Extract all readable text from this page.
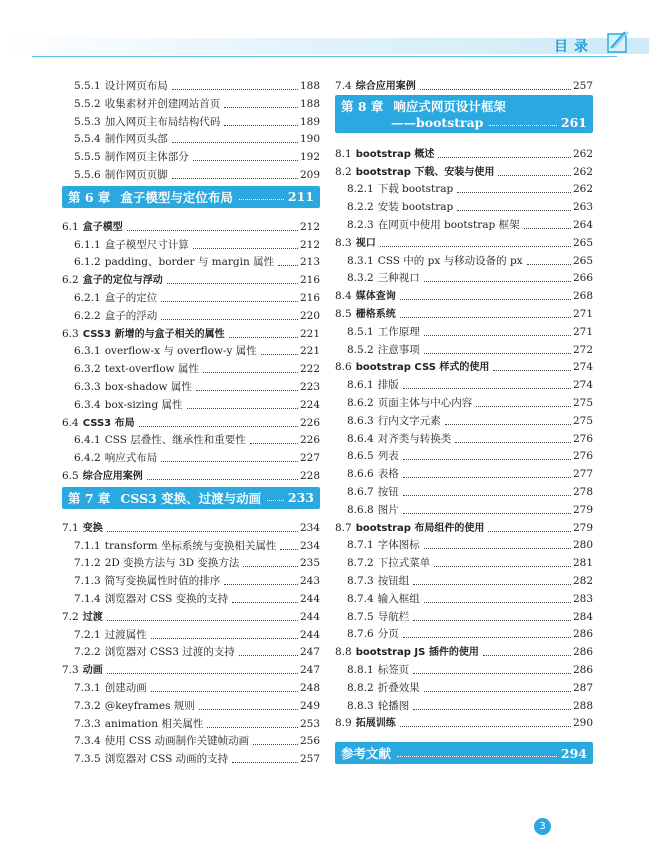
目录
5.5.1 设计网页布局	188
5.5.2 收集素材并创建网站首页	188
5.5.3 加入网页主布局结构代码	189
5.5.4 制作网页头部	190
5.5.5 制作网页主体部分	192
5.5.6 制作网页页脚	209
第 6 章 盒子模型与定位布局	211
6.1 盒子模型	212
6.1.1 盒子模型尺寸计算	212
6.1.2 padding、border 与 margin 属性 213
6.2 盒子的定位与浮动	216
6.2.1 盒子的定位	216
6.2.2 盒子的浮动	220
6.3 CSS3 新增的与盒子相关的属性	221
6.3.1 overflow-x 与 overflow-y 属性	221
6.3.2 text-overflow 属性	222
6.3.3 box-shadow 属性	223
6.3.4 box-sizing 属性	224
6.4 CSS3 布局	226
6.4.1 CSS 层叠性、继承性和重要性	226
6.4.2 响应式布局	227
6.5 综合应用案例	228
第 7 章 CSS3 变换、过渡与动画 233
7.1 变换	234
7.1.1 transform 坐标系统与变换相关属性 234
7.1.2 2D 变换方法与 3D 变换方法	235
7.1.3 简写变换属性时值的排序	243
7.1.4 浏览器对 CSS 变换的支持	244
7.2 过渡	244
7.2.1 过渡属性	244
7.2.2 浏览器对 CSS3 过渡的支持	247
7.3 动画	247
7.3.1 创建动画	248
7.3.2 @keyframes 规则	249
7.3.3 animation 相关属性	253
7.3.4 使用 CSS 动画制作关键帧动画	256
7.3.5 浏览器对 CSS 动画的支持	257
7.4 综合应用案例	257
第 8 章 响应式网页设计框架
——bootstrap	261
8.1 bootstrap 概述	262
8.2 bootstrap 下载、安装与使用	262
8.2.1 下载 bootstrap	262
8.2.2 安装 bootstrap	263
8.2.3 在网页中使用 bootstrap 框架	264
8.3 视口	265
8.3.1 CSS 中的 px 与移动设备的 px	265
8.3.2 三种视口	266
8.4 媒体查询	268
8.5 栅格系统	271
8.5.1 工作原理	271
8.5.2 注意事项	272
8.6 bootstrap CSS 样式的使用	274
8.6.1 排版	274
8.6.2 页面主体与中心内容	275
8.6.3 行内文字元素	275
8.6.4 对齐类与转换类	276
8.6.5 列表	276
8.6.6 表格	277
8.6.7 按钮	278
8.6.8 图片	279
8.7 bootstrap 布局组件的使用	279
8.7.1 字体图标	280
8.7.2 下拉式菜单	281
8.7.3 按钮组	282
8.7.4 输入框组	283
8.7.5 导航栏	284
8.7.6 分页	286
8.8 bootstrap JS 插件的使用	286
8.8.1 标签页	286
8.8.2 折叠效果	287
8.8.3 轮播图	288
8.9 拓展训练	290
参考文献	294
3
